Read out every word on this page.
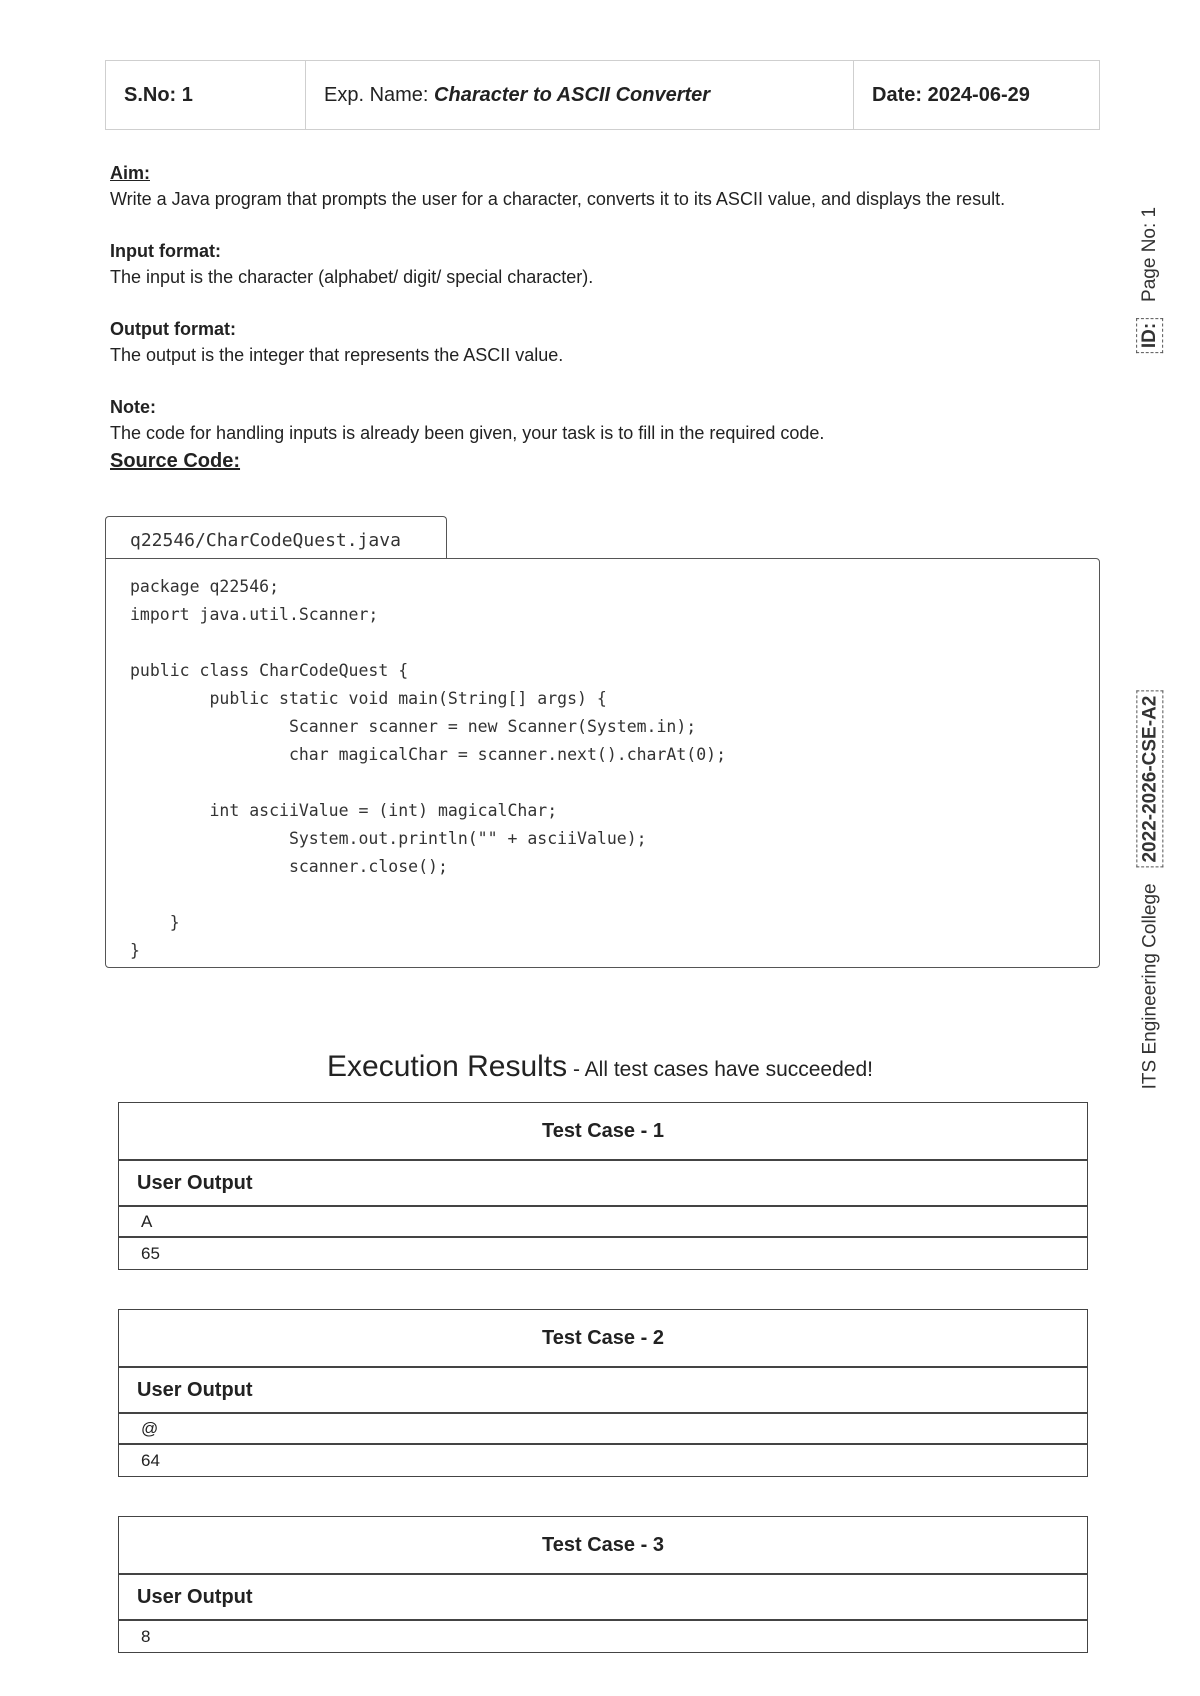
S.No: 1	Exp. Name:
Character to ASCII Converter	Date: 2024-06-29
Aim:
Write a Java program that prompts the user for a character, converts it to its ASCII value, and displays the result.
Input format:
The input is the character (alphabet/ digit/ special character).
Output format:
The output is the integer that represents the ASCII value.
Note:
The code for handling inputs is already been given, your task is to fill in the required code.
Source Code:
q22546/CharCodeQuest.java
package q22546;
import java.util.Scanner;

public class CharCodeQuest {
public static void main(String[] args) {
Scanner scanner = new Scanner(System.in);
char magicalChar = scanner.next().charAt(0);

int asciiValue = (int) magicalChar;
System.out.println("" + asciiValue);
scanner.close();

}
}
Execution Results - All test cases have succeeded!
Test Case - 1
User Output
A
65
Test Case - 2
User Output
@
64
Test Case - 3
User Output
8
ID:   Page No: 1
ITS Engineering College   2022-2026-CSE-A2
